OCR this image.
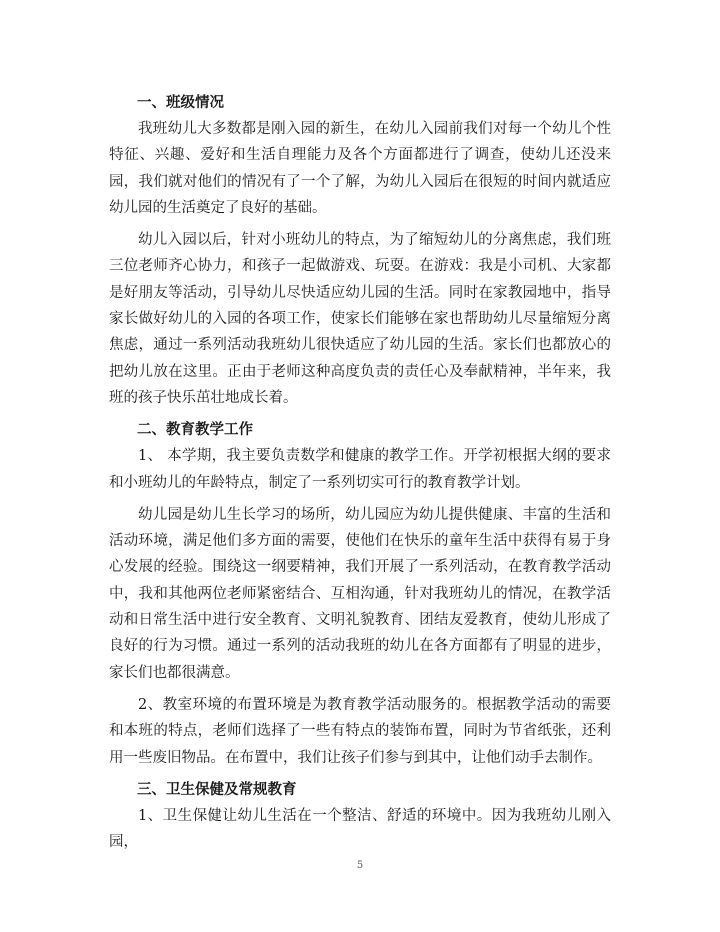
一、班级情况

我班幼儿大多数都是刚入园的新生，在幼儿入园前我们对每一个幼儿个性特征、兴趣、爱好和生活自理能力及各个方面都进行了调查，使幼儿还没来园，我们就对他们的情况有了一个了解，为幼儿入园后在很短的时间内就适应幼儿园的生活奠定了良好的基础。

幼儿入园以后，针对小班幼儿的特点，为了缩短幼儿的分离焦虑，我们班三位老师齐心协力，和孩子一起做游戏、玩耍。在游戏：我是小司机、大家都是好朋友等活动，引导幼儿尽快适应幼儿园的生活。同时在家教园地中，指导家长做好幼儿的入园的各项工作，使家长们能够在家也帮助幼儿尽量缩短分离焦虑，通过一系列活动我班幼儿很快适应了幼儿园的生活。家长们也都放心的把幼儿放在这里。正由于老师这种高度负责的责任心及奉献精神，半年来，我班的孩子快乐茁壮地成长着。

二、教育教学工作

1、 本学期，我主要负责数学和健康的教学工作。开学初根据大纲的要求和小班幼儿的年龄特点，制定了一系列切实可行的教育教学计划。

幼儿园是幼儿生长学习的场所，幼儿园应为幼儿提供健康、丰富的生活和活动环境，满足他们多方面的需要，使他们在快乐的童年生活中获得有易于身心发展的经验。围绕这一纲要精神，我们开展了一系列活动，在教育教学活动中，我和其他两位老师紧密结合、互相沟通，针对我班幼儿的情况，在教学活动和日常生活中进行安全教育、文明礼貌教育、团结友爱教育，使幼儿形成了良好的行为习惯。通过一系列的活动我班的幼儿在各方面都有了明显的进步，家长们也都很满意。

2、教室环境的布置环境是为教育教学活动服务的。根据教学活动的需要和本班的特点，老师们选择了一些有特点的装饰布置，同时为节省纸张，还利用一些废旧物品。在布置中，我们让孩子们参与到其中，让他们动手去制作。

三、卫生保健及常规教育

1、卫生保健让幼儿生活在一个整洁、舒适的环境中。因为我班幼儿刚入园，

5
